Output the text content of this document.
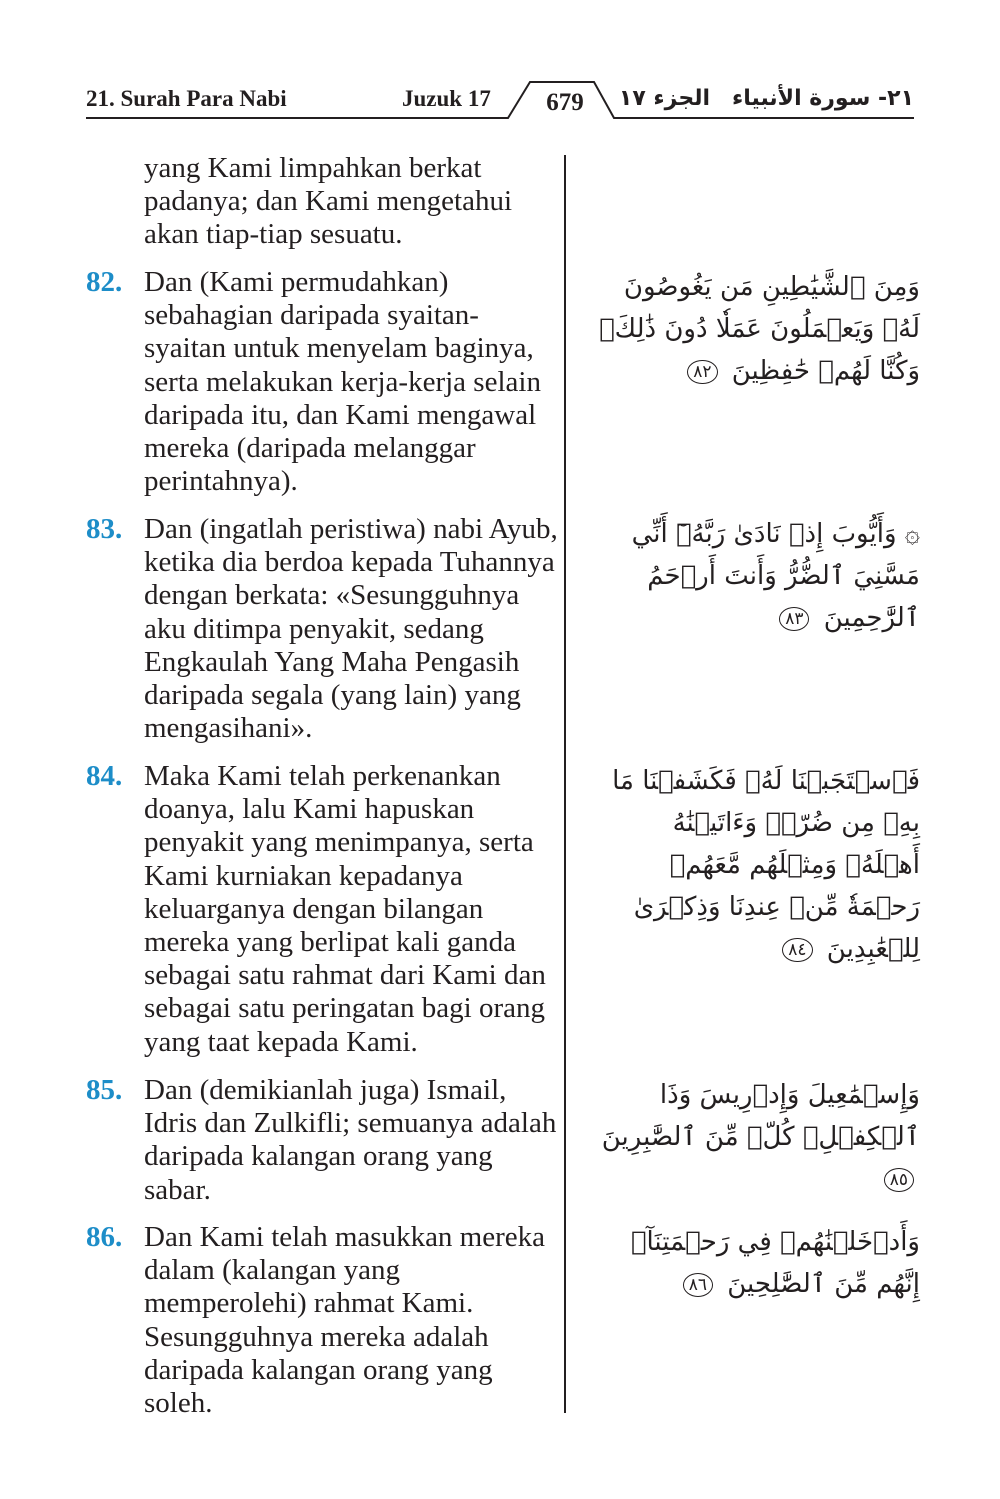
21. Surah Para Nabi	Juzuk 17	679	الجزء ١٧ ٢١- سورة الأنبياء
yang Kami limpahkan berkat padanya; dan Kami mengetahui akan tiap-tiap sesuatu.
82. Dan (Kami permudahkan) sebahagian daripada syaitan-syaitan untuk menyelam baginya, serta melakukan kerja-kerja selain daripada itu, dan Kami mengawal mereka (daripada melanggar perintahnya).
وَمِنَ ٱلشَّيَٰطِينِ مَن يَغُوصُونَ لَهُۥ وَيَعۡمَلُونَ عَمَلٗا دُونَ ذَٰلِكَۖ وَكُنَّا لَهُمۡ حَٰفِظِينَ ٨٢
83. Dan (ingatlah peristiwa) nabi Ayub, ketika dia berdoa kepada Tuhannya dengan berkata: «Sesungguhnya aku ditimpa penyakit, sedang Engkaulah Yang Maha Pengasih daripada segala (yang lain) yang mengasihani».
۞ وَأَيُّوبَ إِذۡ نَادَىٰ رَبَّهُۥٓ أَنِّي مَسَّنِيَ ٱلضُّرُّ وَأَنتَ أَرۡحَمُ ٱلرَّٰحِمِينَ ٨٣
84. Maka Kami telah perkenankan doanya, lalu Kami hapuskan penyakit yang menimpanya, serta Kami kurniakan kepadanya keluarganya dengan bilangan mereka yang berlipat kali ganda sebagai satu rahmat dari Kami dan sebagai satu peringatan bagi orang yang taat kepada Kami.
فَٱسۡتَجَبۡنَا لَهُۥ فَكَشَفۡنَا مَا بِهِۦ مِن ضُرّٖۖ وَءَاتَيۡنَٰهُ أَهۡلَهُۥ وَمِثۡلَهُم مَّعَهُمۡ رَحۡمَةٗ مِّنۡ عِندِنَا وَذِكۡرَىٰ لِلۡعَٰبِدِينَ ٨٤
85. Dan (demikianlah juga) Ismail, Idris dan Zulkifli; semuanya adalah daripada kalangan orang yang sabar.
وَإِسۡمَٰعِيلَ وَإِدۡرِيسَ وَذَا ٱلۡكِفۡلِۖ كُلّٞ مِّنَ ٱلصَّٰبِرِينَ ٨٥
86. Dan Kami telah masukkan mereka dalam (kalangan yang memperolehi) rahmat Kami. Sesungguhnya mereka adalah daripada kalangan orang yang soleh.
وَأَدۡخَلۡنَٰهُمۡ فِي رَحۡمَتِنَآۖ إِنَّهُم مِّنَ ٱلصَّٰلِحِينَ ٨٦
